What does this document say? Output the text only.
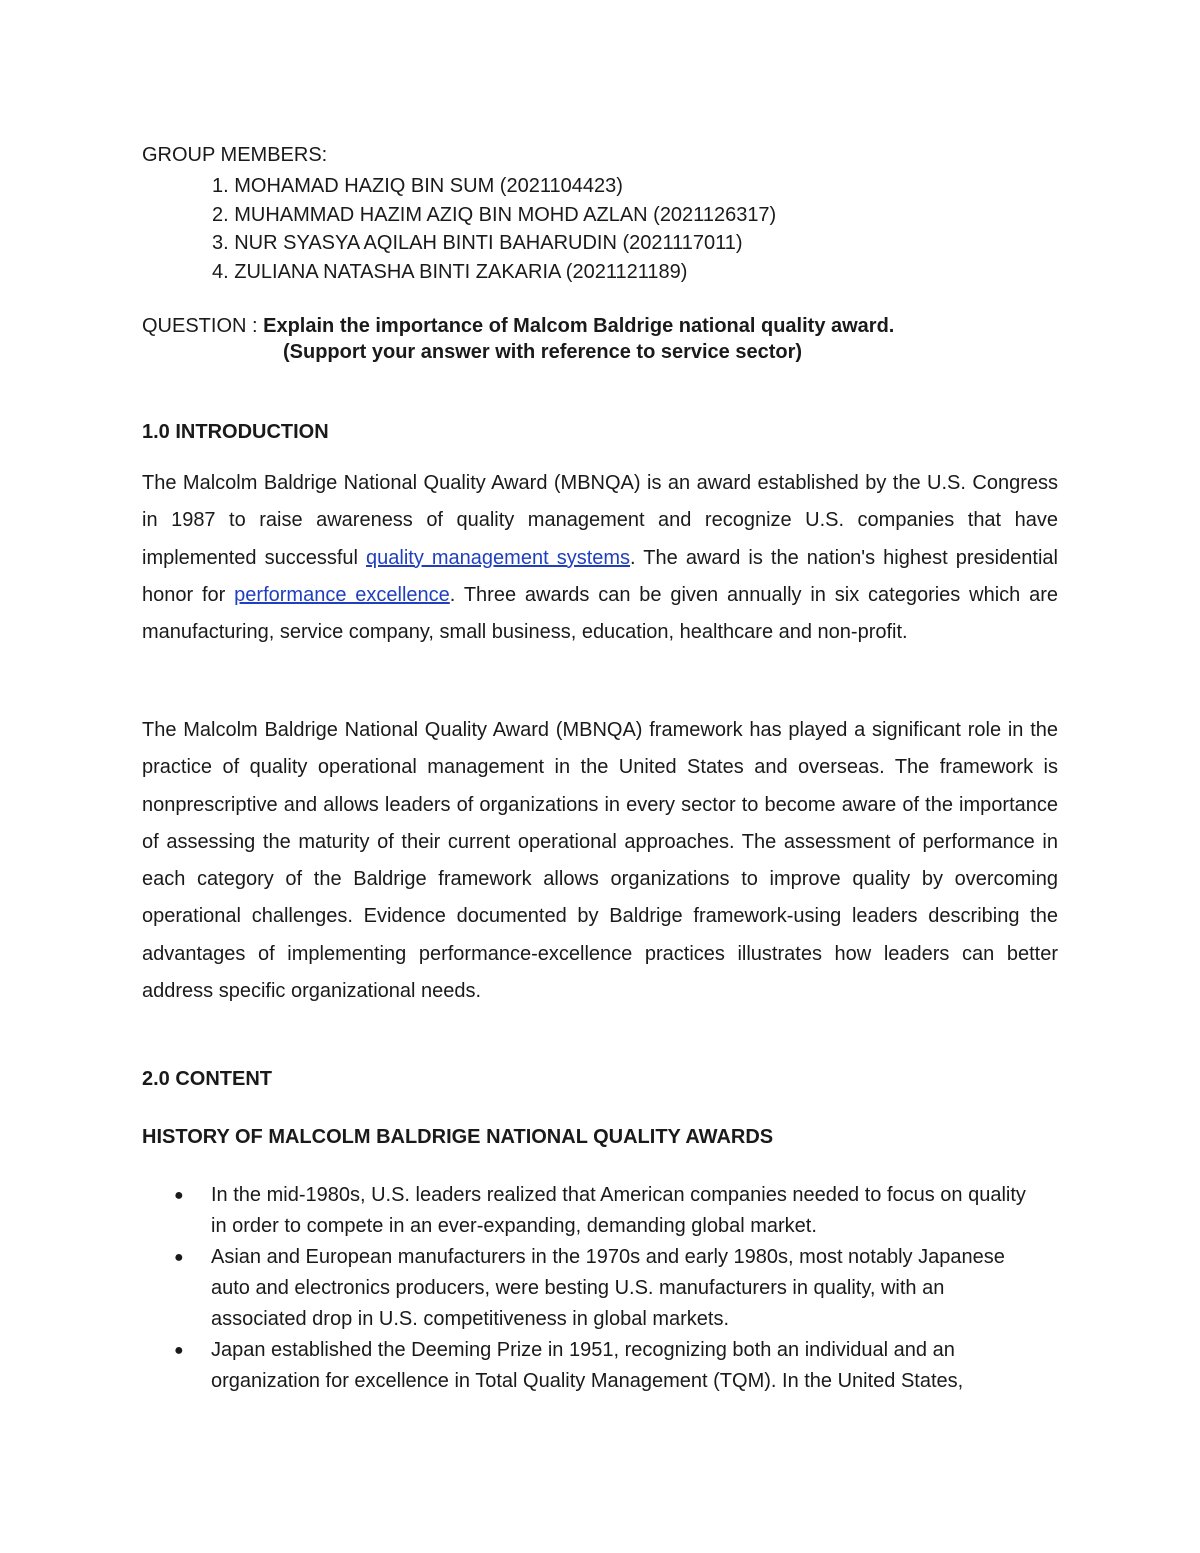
GROUP MEMBERS:
1. MOHAMAD HAZIQ BIN SUM (2021104423)
2. MUHAMMAD HAZIM AZIQ BIN MOHD AZLAN (2021126317)
3. NUR SYASYA AQILAH BINTI BAHARUDIN (2021117011)
4. ZULIANA NATASHA BINTI ZAKARIA (2021121189)
QUESTION : Explain the importance of Malcom Baldrige national quality award.
(Support your answer with reference to service sector)
1.0 INTRODUCTION

The Malcolm Baldrige National Quality Award (MBNQA) is an award established by the U.S. Congress in 1987 to raise awareness of quality management and recognize U.S. companies that have implemented successful quality management systems. The award is the nation's highest presidential honor for performance excellence. Three awards can be given annually in six categories which are manufacturing, service company, small business, education, healthcare and non-profit.

The Malcolm Baldrige National Quality Award (MBNQA) framework has played a significant role in the practice of quality operational management in the United States and overseas. The framework is nonprescriptive and allows leaders of organizations in every sector to become aware of the importance of assessing the maturity of their current operational approaches. The assessment of performance in each category of the Baldrige framework allows organizations to improve quality by overcoming operational challenges. Evidence documented by Baldrige framework-using leaders describing the advantages of implementing performance-excellence practices illustrates how leaders can better address specific organizational needs.

2.0 CONTENT
HISTORY OF MALCOLM BALDRIGE NATIONAL QUALITY AWARDS
● In the mid-1980s, U.S. leaders realized that American companies needed to focus on quality in order to compete in an ever-expanding, demanding global market.
● Asian and European manufacturers in the 1970s and early 1980s, most notably Japanese auto and electronics producers, were besting U.S. manufacturers in quality, with an associated drop in U.S. competitiveness in global markets.
● Japan established the Deeming Prize in 1951, recognizing both an individual and an organization for excellence in Total Quality Management (TQM). In the United States,
